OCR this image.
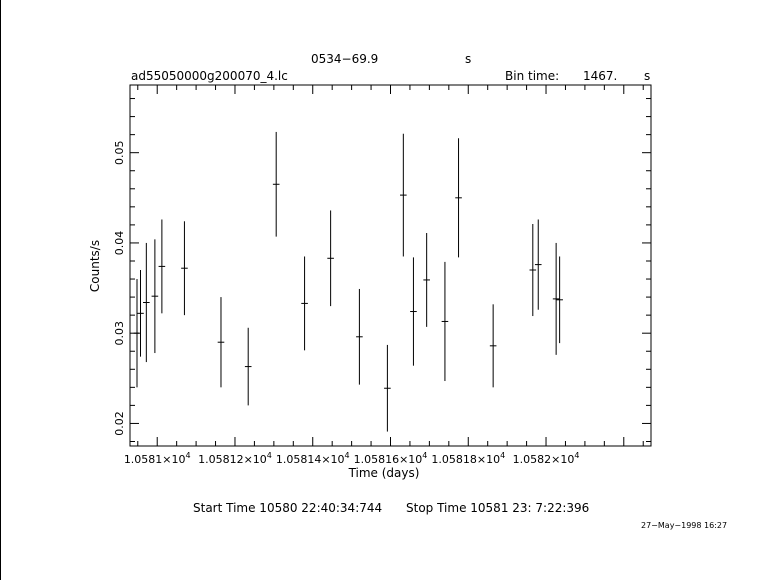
0534−69.9	s
ad55050000g200070_4.lc	Bin time: 1467. s
$1.0581\times 10^4$ $1.05812\times 10^4$ $1.05814\times 10^4$ $1.05816\times 10^4$ $1.05818\times 10^4$ $1.0582\times 10^4$
0.02
0.03
0.04
0.05
Time (days)
Counts/s
Start Time 10580 22:40:34:744 Stop Time 10581 23: 7:22:396
27−May−1998 16:27
